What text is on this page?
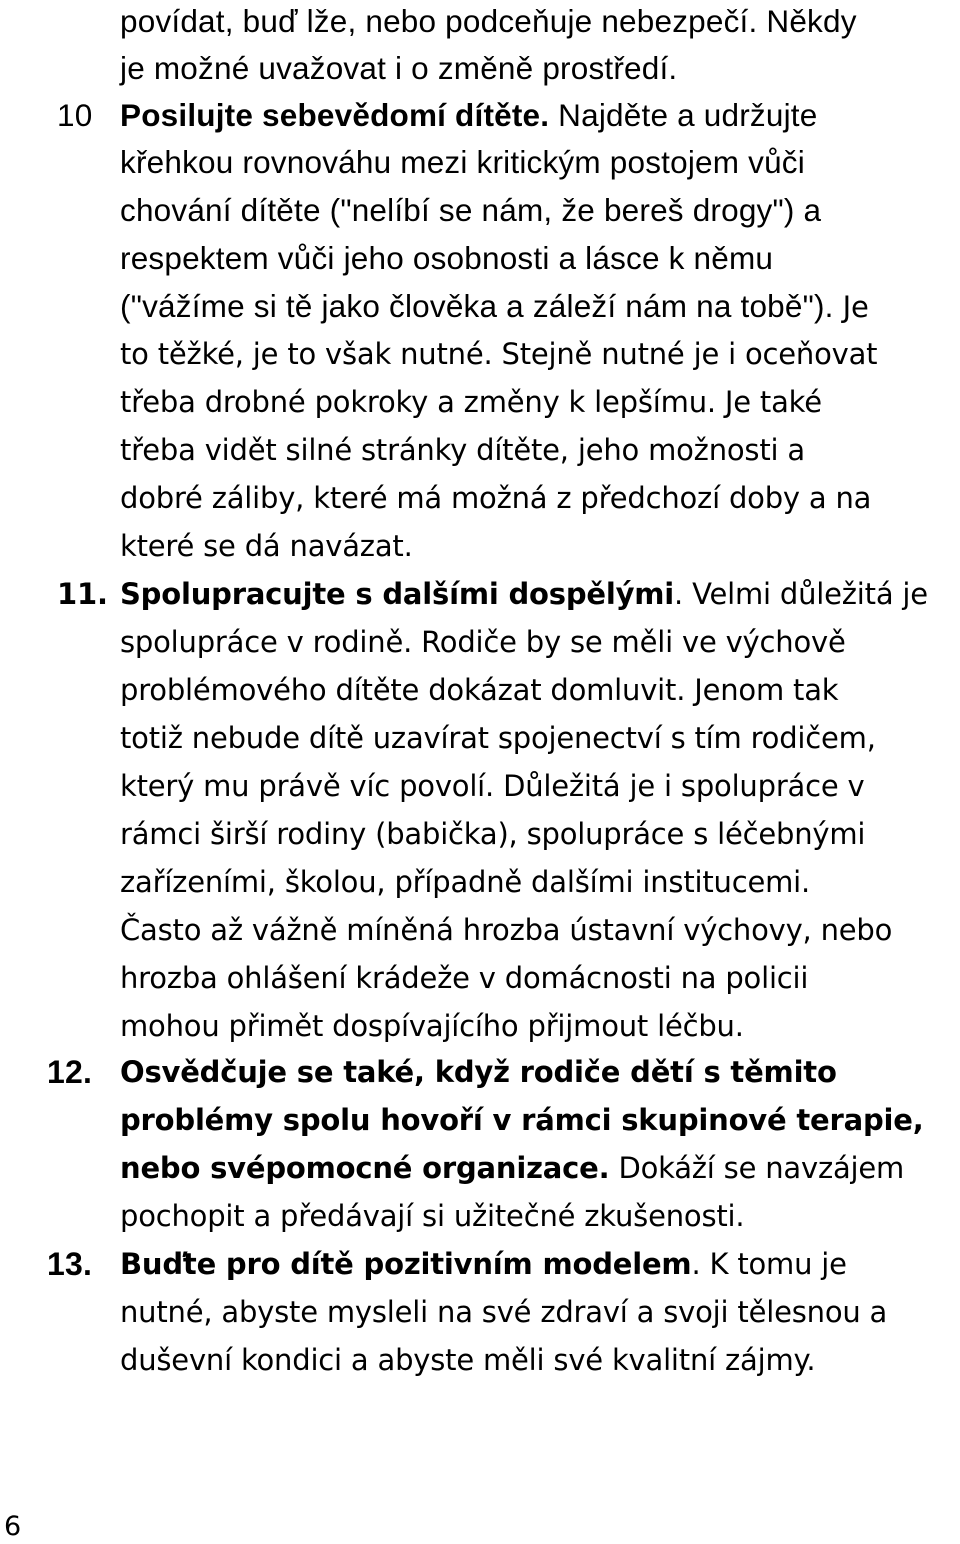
povídat, buď lže, nebo podceňuje nebezpečí. Někdy
je možné uvažovat i o změně prostředí.
10 Posilujte sebevědomí dítěte. Najděte a udržujte
křehkou rovnováhu mezi kritickým postojem vůči
chování dítěte ("nelíbí se nám, že bereš drogy") a
respektem vůči jeho osobnosti a lásce k němu
("vážíme si tě jako člověka a záleží nám na tobě"). Je
to těžké, je to však nutné. Stejně nutné je i oceňovat
třeba drobné pokroky a změny k lepšímu. Je také
třeba vidět silné stránky dítěte, jeho možnosti a
dobré záliby, které má možná z předchozí doby a na
které se dá navázat.
11. Spolupracujte s dalšími dospělými. Velmi důležitá je
spolupráce v rodině. Rodiče by se měli ve výchově
problémového dítěte dokázat domluvit. Jenom tak
totiž nebude dítě uzavírat spojenectví s tím rodičem,
který mu právě víc povolí. Důležitá je i spolupráce v
rámci širší rodiny (babička), spolupráce s léčebnými
zařízeními, školou, případně dalšími institucemi.
Často až vážně míněná hrozba ústavní výchovy, nebo
hrozba ohlášení krádeže v domácnosti na policii
mohou přimět dospívajícího přijmout léčbu.
12. Osvědčuje se také, když rodiče dětí s těmito
problémy spolu hovoří v rámci skupinové terapie,
nebo svépomocné organizace. Dokáží se navzájem
pochopit a předávají si užitečné zkušenosti.
13. Buďte pro dítě pozitivním modelem. K tomu je
nutné, abyste mysleli na své zdraví a svoji tělesnou a
duševní kondici a abyste měli své kvalitní zájmy.
6
